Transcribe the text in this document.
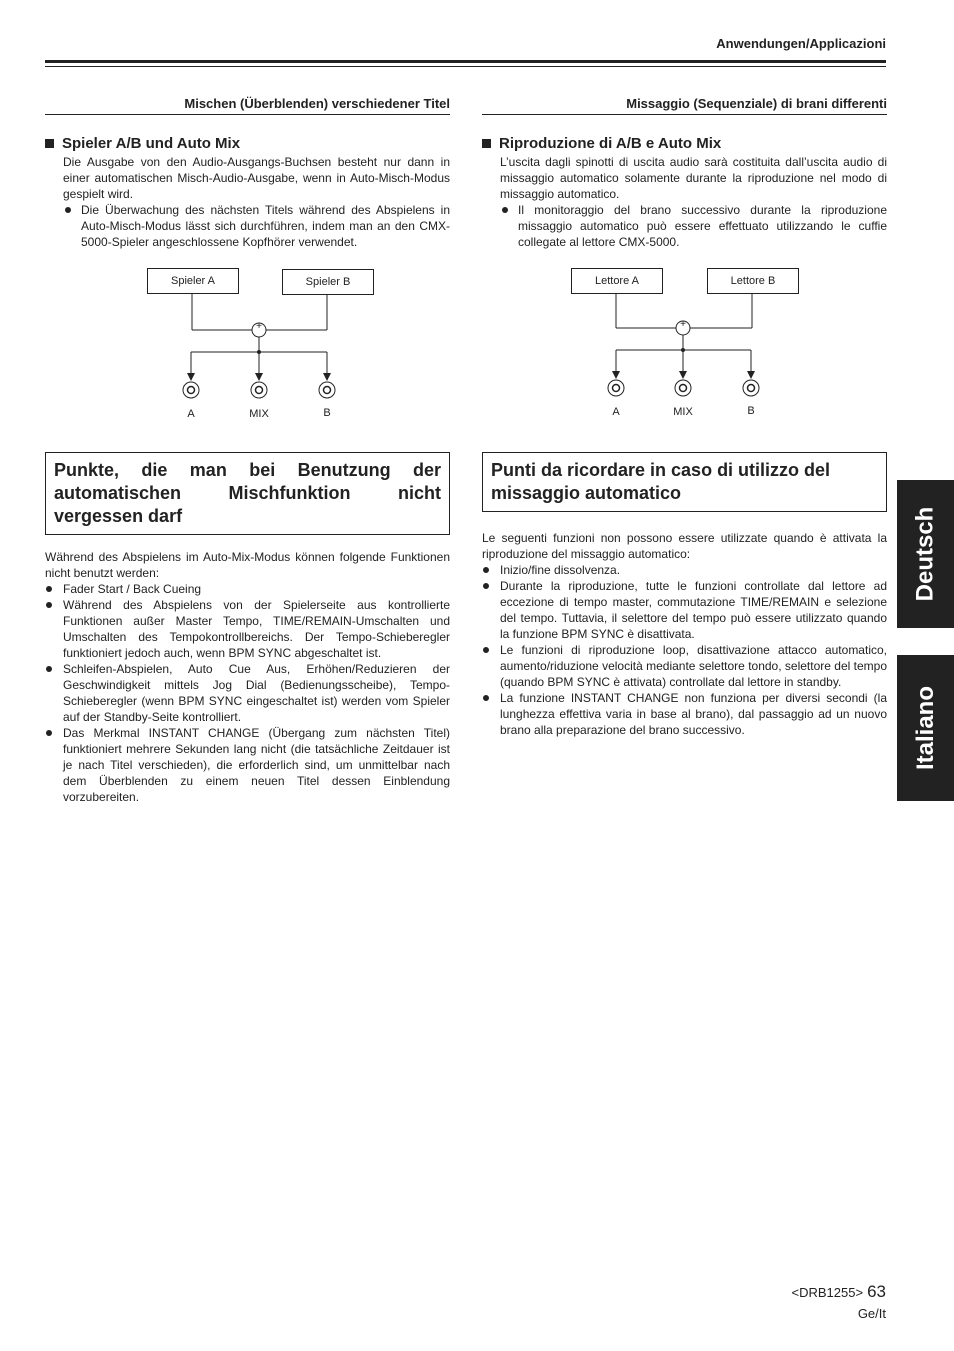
Anwendungen/Applicazioni
Mischen (Überblenden) verschiedener Titel
Spieler A/B und Auto Mix
Die Ausgabe von den Audio-Ausgangs-Buchsen besteht nur dann in einer automatischen Misch-Audio-Ausgabe, wenn in Auto-Misch-Modus gespielt wird.
Die Überwachung des nächsten Titels während des Abspielens in Auto-Misch-Modus lässt sich durchführen, indem man an den CMX-5000-Spieler angeschlossene Kopfhörer verwendet.
Spieler A	Spieler B
+
A	MIX	B
Missaggio (Sequenziale) di brani differenti
Riproduzione di A/B e Auto Mix
L’uscita dagli spinotti di uscita audio sarà costituita dall’uscita audio di missaggio automatico solamente durante la riproduzione nel modo di missaggio automatico.
Il monitoraggio del brano successivo durante la riproduzione missaggio automatico può essere effettuato utilizzando le cuffie collegate al lettore CMX-5000.
Lettore A	Lettore B
+
A	MIX	B
Punkte, die man bei Benutzung der automatischen Mischfunktion nicht vergessen darf
Während des Abspielens im Auto-Mix-Modus können folgende Funktionen nicht benutzt werden:
Fader Start / Back Cueing
Während des Abspielens von der Spielerseite aus kontrollierte Funktionen außer Master Tempo, TIME/REMAIN-Umschalten und Umschalten des Tempokontrollbereichs. Der Tempo-Schieberegler funktioniert jedoch auch, wenn BPM SYNC abgeschaltet ist.
Schleifen-Abspielen, Auto Cue Aus, Erhöhen/Reduzieren der Geschwindigkeit mittels Jog Dial (Bedienungsscheibe), Tempo-Schieberegler (wenn BPM SYNC eingeschaltet ist) werden vom Spieler auf der Standby-Seite kontrolliert.
Das Merkmal INSTANT CHANGE (Übergang zum nächsten Titel) funktioniert mehrere Sekunden lang nicht (die tatsächliche Zeitdauer ist je nach Titel verschieden), die erforderlich sind, um unmittelbar nach dem Überblenden zu einem neuen Titel dessen Einblendung vorzubereiten.
Punti da ricordare in caso di utilizzo del missaggio automatico
Le seguenti funzioni non possono essere utilizzate quando è attivata la riproduzione del missaggio automatico:
Inizio/fine dissolvenza.
Durante la riproduzione, tutte le funzioni controllate dal lettore ad eccezione di tempo master, commutazione TIME/REMAIN e selezione del tempo. Tuttavia, il selettore del tempo può essere utilizzato quando la funzione BPM SYNC è disattivata.
Le funzioni di riproduzione loop, disattivazione attacco automatico, aumento/riduzione velocità mediante selettore tondo, selettore del tempo (quando BPM SYNC è attivata) controllate dal lettore in standby.
La funzione INSTANT CHANGE non funziona per diversi secondi (la lunghezza effettiva varia in base al brano), dal passaggio ad un nuovo brano alla preparazione del brano successivo.
Deutsch
Italiano
<DRB1255> 63
Ge/It
